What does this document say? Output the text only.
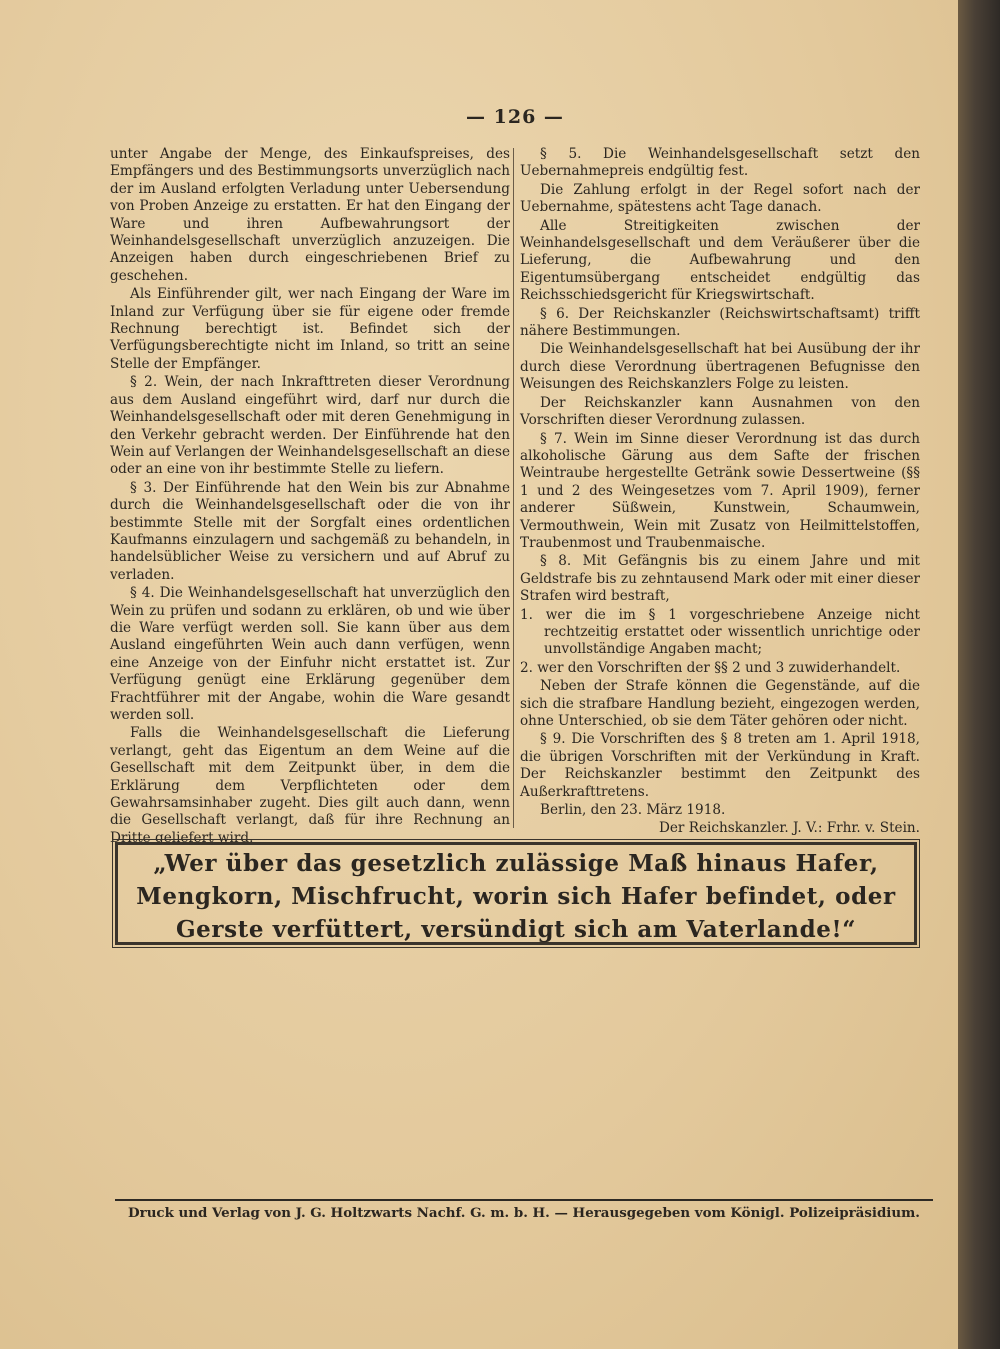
— 126 —

unter Angabe der Menge, des Einkaufspreises, des Empfängers und des Bestimmungsorts unverzüglich nach der im Ausland erfolgten Verladung unter Uebersendung von Proben Anzeige zu erstatten. Er hat den Eingang der Ware und ihren Aufbewahrungsort der Weinhandelsgesellschaft unverzüglich anzuzeigen. Die Anzeigen haben durch eingeschriebenen Brief zu geschehen.

Als Einführender gilt, wer nach Eingang der Ware im Inland zur Verfügung über sie für eigene oder fremde Rechnung berechtigt ist. Befindet sich der Verfügungsberechtigte nicht im Inland, so tritt an seine Stelle der Empfänger.

§ 2. Wein, der nach Inkrafttreten dieser Verordnung aus dem Ausland eingeführt wird, darf nur durch die Weinhandelsgesellschaft oder mit deren Genehmigung in den Verkehr gebracht werden. Der Einführende hat den Wein auf Verlangen der Weinhandelsgesellschaft an diese oder an eine von ihr bestimmte Stelle zu liefern.

§ 3. Der Einführende hat den Wein bis zur Abnahme durch die Weinhandelsgesellschaft oder die von ihr bestimmte Stelle mit der Sorgfalt eines ordentlichen Kaufmanns einzulagern und sachgemäß zu behandeln, in handelsüblicher Weise zu versichern und auf Abruf zu verladen.

§ 4. Die Weinhandelsgesellschaft hat unverzüglich den Wein zu prüfen und sodann zu erklären, ob und wie über die Ware verfügt werden soll. Sie kann über aus dem Ausland eingeführten Wein auch dann verfügen, wenn eine Anzeige von der Einfuhr nicht erstattet ist. Zur Verfügung genügt eine Erklärung gegenüber dem Frachtführer mit der Angabe, wohin die Ware gesandt werden soll.

Falls die Weinhandelsgesellschaft die Lieferung verlangt, geht das Eigentum an dem Weine auf die Gesellschaft mit dem Zeitpunkt über, in dem die Erklärung dem Verpflichteten oder dem Gewahrsamsinhaber zugeht. Dies gilt auch dann, wenn die Gesellschaft verlangt, daß für ihre Rechnung an Dritte geliefert wird.

§ 5. Die Weinhandelsgesellschaft setzt den Uebernahmepreis endgültig fest.

Die Zahlung erfolgt in der Regel sofort nach der Uebernahme, spätestens acht Tage danach.

Alle Streitigkeiten zwischen der Weinhandelsgesellschaft und dem Veräußerer über die Lieferung, die Aufbewahrung und den Eigentumsübergang entscheidet endgültig das Reichsschiedsgericht für Kriegswirtschaft.

§ 6. Der Reichskanzler (Reichswirtschaftsamt) trifft nähere Bestimmungen.

Die Weinhandelsgesellschaft hat bei Ausübung der ihr durch diese Verordnung übertragenen Befugnisse den Weisungen des Reichskanzlers Folge zu leisten.

Der Reichskanzler kann Ausnahmen von den Vorschriften dieser Verordnung zulassen.

§ 7. Wein im Sinne dieser Verordnung ist das durch alkoholische Gärung aus dem Safte der frischen Weintraube hergestellte Getränk sowie Dessertweine (§§ 1 und 2 des Weingesetzes vom 7. April 1909), ferner anderer Süßwein, Kunstwein, Schaumwein, Vermouthwein, Wein mit Zusatz von Heilmittelstoffen, Traubenmost und Traubenmaische.

§ 8. Mit Gefängnis bis zu einem Jahre und mit Geldstrafe bis zu zehntausend Mark oder mit einer dieser Strafen wird bestraft,

1. wer die im § 1 vorgeschriebene Anzeige nicht rechtzeitig erstattet oder wissentlich unrichtige oder unvollständige Angaben macht;

2. wer den Vorschriften der §§ 2 und 3 zuwiderhandelt.

Neben der Strafe können die Gegenstände, auf die sich die strafbare Handlung bezieht, eingezogen werden, ohne Unterschied, ob sie dem Täter gehören oder nicht.

§ 9. Die Vorschriften des § 8 treten am 1. April 1918, die übrigen Vorschriften mit der Verkündung in Kraft. Der Reichskanzler bestimmt den Zeitpunkt des Außerkrafttretens.

Berlin, den 23. März 1918.

Der Reichskanzler. J. V.: Frhr. v. Stein.

„Wer über das gesetzlich zulässige Maß hinaus Hafer, Mengkorn, Mischfrucht, worin sich Hafer befindet, oder Gerste verfüttert, versündigt sich am Vaterlande!“
Druck und Verlag von J. G. Holtzwarts Nachf. G. m. b. H. — Herausgegeben vom Königl. Polizeipräsidium.
